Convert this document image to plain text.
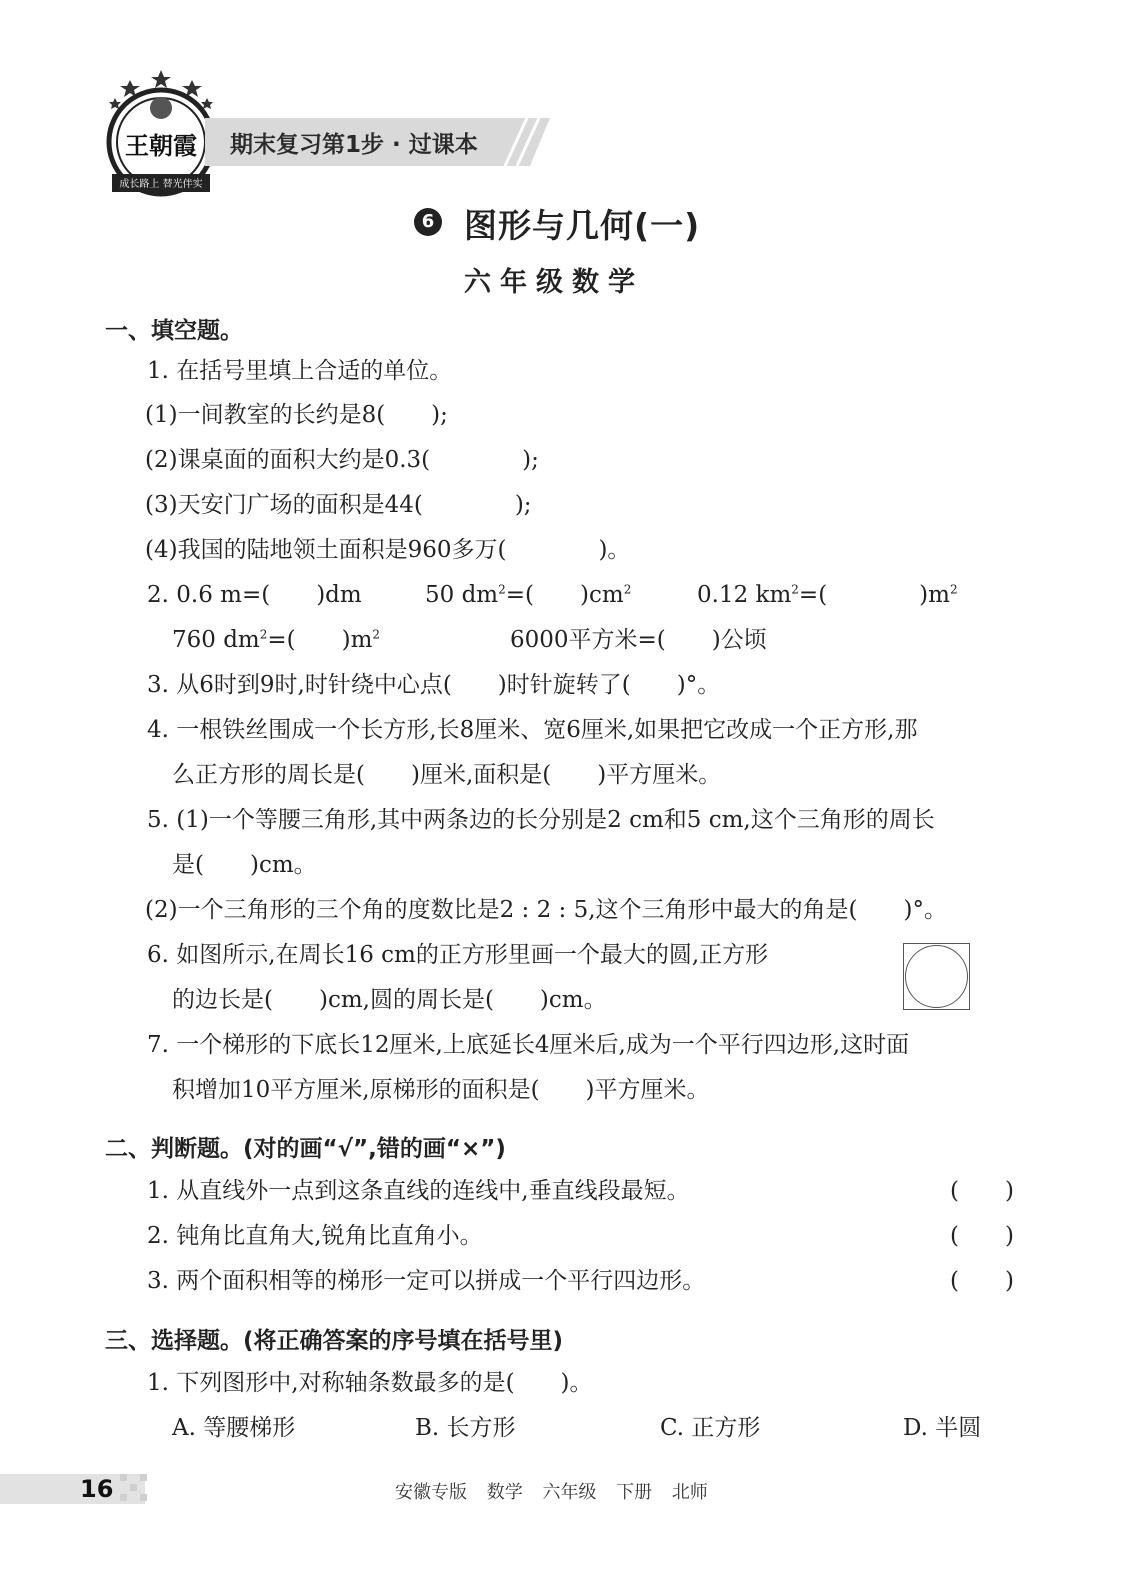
王朝霞
成长路上 替光伴实
期末复习第1步 · 过课本
6 图形与几何(一)
六年级数学
一、填空题。
1. 在括号里填上合适的单位。
(1)一间教室的长约是8(　　);
(2)课桌面的面积大约是0.3(　　　　);
(3)天安门广场的面积是44(　　　　);
(4)我国的陆地领土面积是960多万(　　　　)。
2. 0.6 m=(　　)dm	50 $dm^2=$(　　)$cm^2$	0.12 $km^2=$(　　　　)$m^2$
760 $dm^2=$(　　)$m^2$	6000平方米=(　　)公顷
3. 从6时到9时,时针绕中心点(　　)时针旋转了(　　)°。
4. 一根铁丝围成一个长方形,长8厘米、宽6厘米,如果把它改成一个正方形,那
么正方形的周长是(　　)厘米,面积是(　　)平方厘米。
5. (1)一个等腰三角形,其中两条边的长分别是2 cm和5 cm,这个三角形的周长
是(　　)cm。
(2)一个三角形的三个角的度数比是2 : 2 : 5,这个三角形中最大的角是(　　)°。
6. 如图所示,在周长16 cm的正方形里画一个最大的圆,正方形
的边长是(　　)cm,圆的周长是(　　)cm。
7. 一个梯形的下底长12厘米,上底延长4厘米后,成为一个平行四边形,这时面
积增加10平方厘米,原梯形的面积是(　　)平方厘米。
二、判断题。(对的画“√”,错的画“×”)
1. 从直线外一点到这条直线的连线中,垂直线段最短。	(　　)
2. 钝角比直角大,锐角比直角小。	(　　)
3. 两个面积相等的梯形一定可以拼成一个平行四边形。	(　　)
三、选择题。(将正确答案的序号填在括号里)
1. 下列图形中,对称轴条数最多的是(　　)。
A. 等腰梯形	B. 长方形	C. 正方形	D. 半圆
16	安徽专版 数学 六年级 下册 北师
